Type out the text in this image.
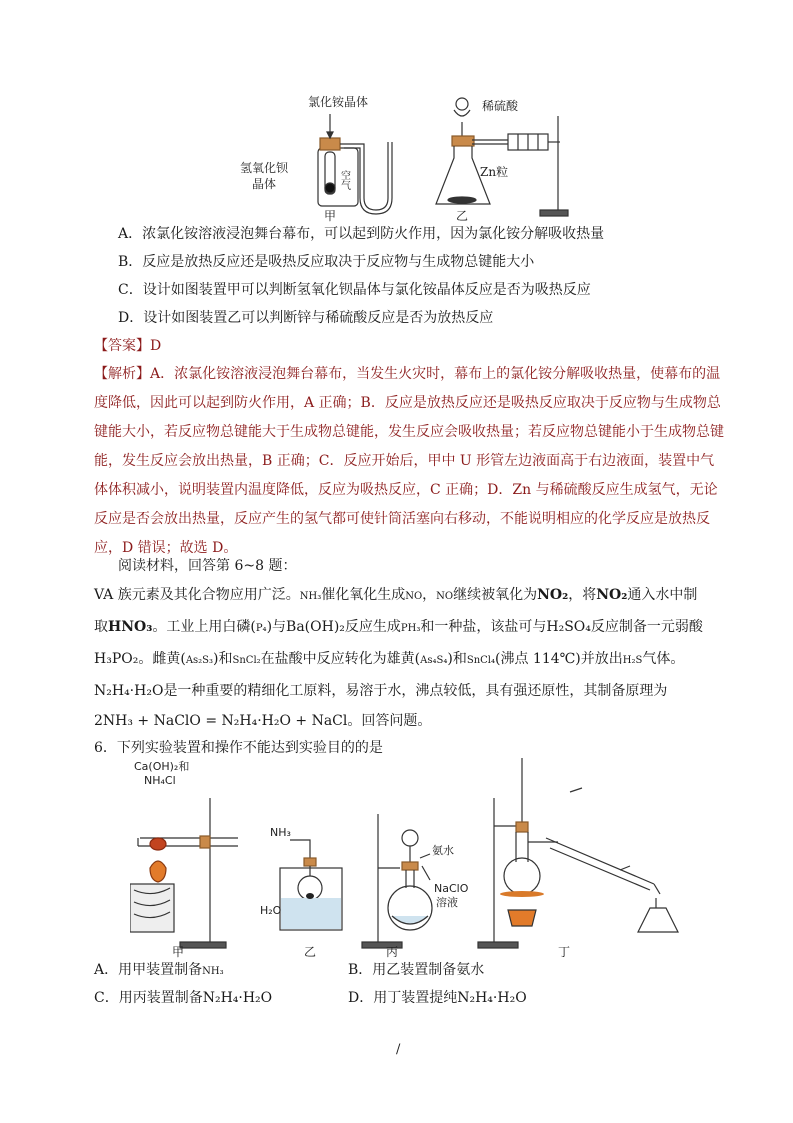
氯化铵晶体
氢氧化钡
晶体	空气
甲
稀硫酸
Zn粒
乙
A．浓氯化铵溶液浸泡舞台幕布，可以起到防火作用，因为氯化铵分解吸收热量
B．反应是放热反应还是吸热反应取决于反应物与生成物总键能大小
C．设计如图装置甲可以判断氢氧化钡晶体与氯化铵晶体反应是否为吸热反应
D．设计如图装置乙可以判断锌与稀硫酸反应是否为放热反应
【答案】D
【解析】A．浓氯化铵溶液浸泡舞台幕布，当发生火灾时，幕布上的氯化铵分解吸收热量，使幕布的温度降低，因此可以起到防火作用，A 正确；B．反应是放热反应还是吸热反应取决于反应物与生成物总键能大小，若反应物总键能大于生成物总键能，发生反应会吸收热量；若反应物总键能小于生成物总键能，发生反应会放出热量，B 正确；C．反应开始后，甲中 U 形管左边液面高于右边液面，装置中气体体积减小，说明装置内温度降低，反应为吸热反应，C 正确；D．Zn 与稀硫酸反应生成氢气，无论反应是否会放出热量，反应产生的氢气都可使针筒活塞向右移动，不能说明相应的化学反应是放热反应，D 错误；故选 D。
阅读材料，回答第 6~8 题：
VA 族元素及其化合物应用广泛。NH₃催化氧化生成NO，NO继续被氧化为NO₂，将NO₂通入水中制
取HNO₃。工业上用白磷(P₄)与Ba(OH)₂反应生成PH₃和一种盐，该盐可与H₂SO₄反应制备一元弱酸
H₃PO₂。雌黄(As₂S₃)和SnCl₂在盐酸中反应转化为雄黄(As₄S₄)和SnCl₄(沸点 114℃)并放出H₂S气体。
N₂H₄·H₂O是一种重要的精细化工原料，易溶于水，沸点较低，具有强还原性，其制备原理为
2NH₃ + NaClO = N₂H₄·H₂O + NaCl。回答问题。
6．下列实验装置和操作不能达到实验目的的是
Ca(OH)₂和
NH₄Cl
甲
NH₃
H₂O
乙
氨水
NaClO
溶液
丙	丁
A．用甲装置制备NH₃	B．用乙装置制备氨水
C．用丙装置制备N₂H₄·H₂O	D．用丁装置提纯N₂H₄·H₂O
/
